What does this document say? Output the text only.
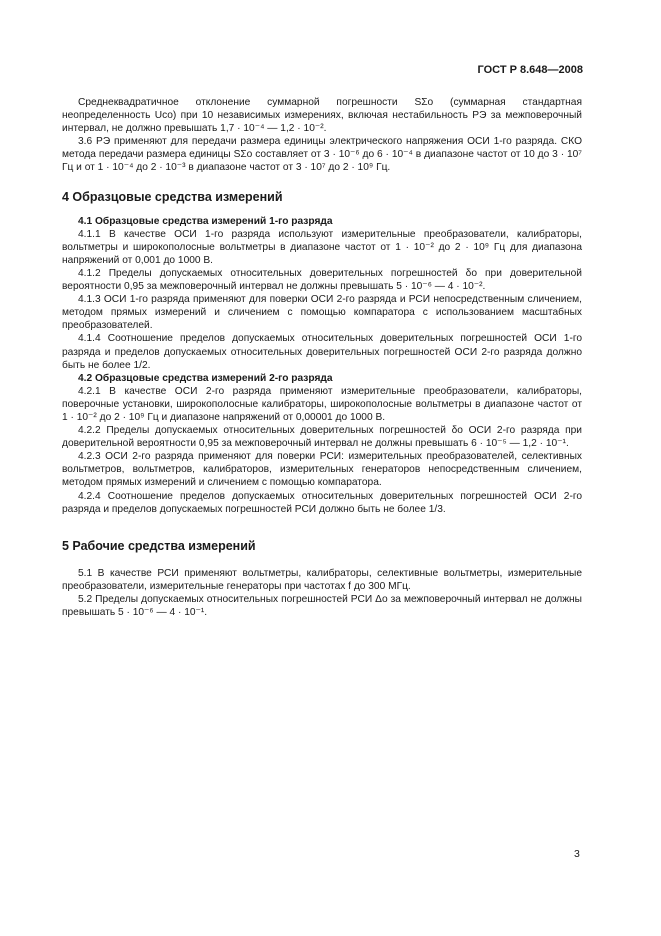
ГОСТ Р 8.648—2008

Среднеквадратичное отклонение суммарной погрешности SΣo (суммарная стандартная неопределенность Uco) при 10 независимых измерениях, включая нестабильность РЭ за межповерочный интервал, не должно превышать 1,7 · 10⁻⁴ — 1,2 · 10⁻².

3.6 РЭ применяют для передачи размера единицы электрического напряжения ОСИ 1-го разряда. СКО метода передачи размера единицы SΣo составляет от 3 · 10⁻⁶ до 6 · 10⁻⁴ в диапазоне частот от 10 до 3 · 10⁷ Гц и от 1 · 10⁻⁴ до 2 · 10⁻³ в диапазоне частот от 3 · 10⁷ до 2 · 10⁹ Гц.

4 Образцовые средства измерений
4.1 Образцовые средства измерений 1-го разряда

4.1.1 В качестве ОСИ 1-го разряда используют измерительные преобразователи, калибраторы, вольтметры и широкополосные вольтметры в диапазоне частот от 1 · 10⁻² до 2 · 10⁹ Гц для диапазона напряжений от 0,001 до 1000 В.

4.1.2 Пределы допускаемых относительных доверительных погрешностей δo при доверительной вероятности 0,95 за межповерочный интервал не должны превышать 5 · 10⁻⁶ — 4 · 10⁻².

4.1.3 ОСИ 1-го разряда применяют для поверки ОСИ 2-го разряда и РСИ непосредственным сличением, методом прямых измерений и сличением с помощью компаратора с использованием масштабных преобразователей.

4.1.4 Соотношение пределов допускаемых относительных доверительных погрешностей ОСИ 1-го разряда и пределов допускаемых относительных доверительных погрешностей ОСИ 2-го разряда должно быть не более 1/2.

4.2 Образцовые средства измерений 2-го разряда

4.2.1 В качестве ОСИ 2-го разряда применяют измерительные преобразователи, калибраторы, поверочные установки, широкополосные калибраторы, широкополосные вольтметры в диапазоне частот от 1 · 10⁻² до 2 · 10⁹ Гц и диапазоне напряжений от 0,00001 до 1000 В.

4.2.2 Пределы допускаемых относительных доверительных погрешностей δo ОСИ 2-го разряда при доверительной вероятности 0,95 за межповерочный интервал не должны превышать 6 · 10⁻⁵ — 1,2 · 10⁻¹.

4.2.3 ОСИ 2-го разряда применяют для поверки РСИ: измерительных преобразователей, селективных вольтметров, вольтметров, калибраторов, измерительных генераторов непосредственным сличением, методом прямых измерений и сличением с помощью компаратора.

4.2.4 Соотношение пределов допускаемых относительных доверительных погрешностей ОСИ 2-го разряда и пределов допускаемых погрешностей РСИ должно быть не более 1/3.

5 Рабочие средства измерений

5.1 В качестве РСИ применяют вольтметры, калибраторы, селективные вольтметры, измерительные преобразователи, измерительные генераторы при частотах f до 300 МГц.

5.2 Пределы допускаемых относительных погрешностей РСИ Δo за межповерочный интервал не должны превышать 5 · 10⁻⁶ — 4 · 10⁻¹.

3
